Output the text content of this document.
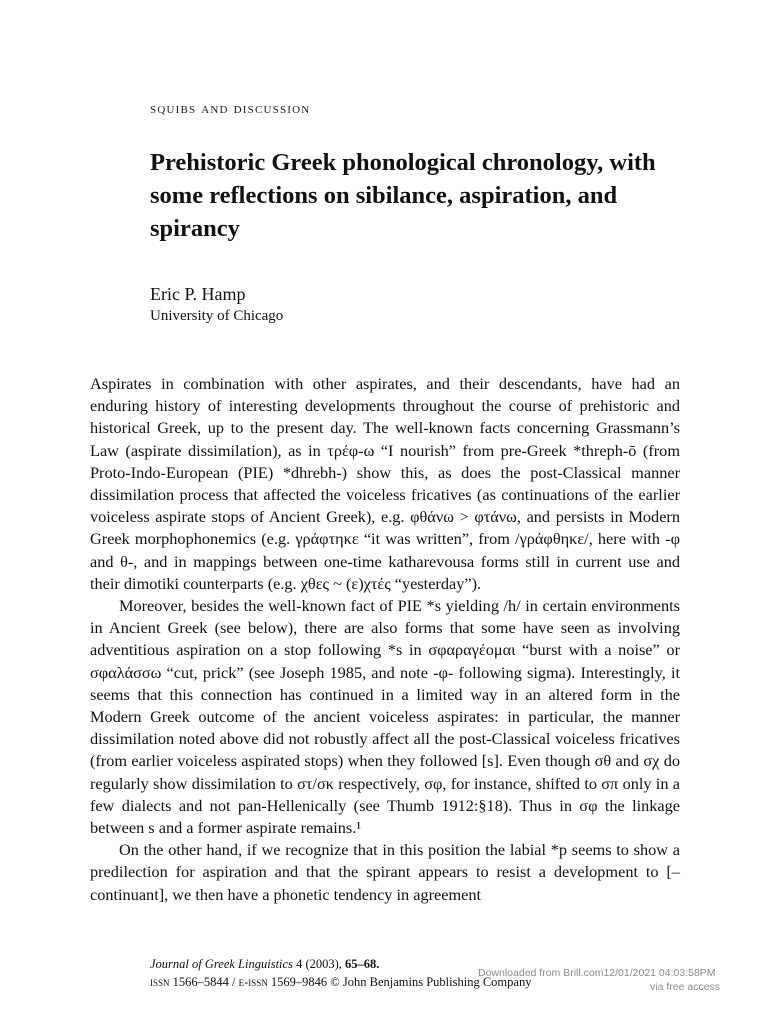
squibs and discussion
Prehistoric Greek phonological chronology, with some reflections on sibilance, aspiration, and spirancy
Eric P. Hamp
University of Chicago

Aspirates in combination with other aspirates, and their descendants, have had an enduring history of interesting developments throughout the course of prehistoric and historical Greek, up to the present day. The well-known facts concerning Grassmann’s Law (aspirate dissimilation), as in τρέφ-ω “I nourish” from pre-Greek *threph-ō (from Proto-Indo-European (PIE) *dhrebh-) show this, as does the post-Classical manner dissimilation process that affected the voiceless fricatives (as continuations of the earlier voiceless aspirate stops of Ancient Greek), e.g. φθάνω > φτάνω, and persists in Modern Greek morphophonemics (e.g. γράφτηκε “it was written”, from /γράφθηκε/, here with -φ and θ-, and in mappings between one-time katharevousa forms still in current use and their dimotiki counterparts (e.g. χθες ~ (ε)χτές “yesterday”).

Moreover, besides the well-known fact of PIE *s yielding /h/ in certain environments in Ancient Greek (see below), there are also forms that some have seen as involving adventitious aspiration on a stop following *s in σφαραγέομαι “burst with a noise” or σφαλάσσω “cut, prick” (see Joseph 1985, and note -φ- following sigma). Interestingly, it seems that this connection has continued in a limited way in an altered form in the Modern Greek outcome of the ancient voiceless aspirates: in particular, the manner dissimilation noted above did not robustly affect all the post-Classical voiceless fricatives (from earlier voiceless aspirated stops) when they followed [s]. Even though σθ and σχ do regularly show dissimilation to στ/σκ respectively, σφ, for instance, shifted to σπ only in a few dialects and not pan-Hellenically (see Thumb 1912:§18). Thus in σφ the linkage between s and a former aspirate remains.¹

On the other hand, if we recognize that in this position the labial *p seems to show a predilection for aspiration and that the spirant appears to resist a development to [–continuant], we then have a phonetic tendency in agreement

Journal of Greek Linguistics 4 (2003), 65–68.
issn 1566–5844 / e-issn 1569–9846 © John Benjamins Publishing Company
Downloaded from Brill.com12/01/2021 04:03:58PM
via free access
